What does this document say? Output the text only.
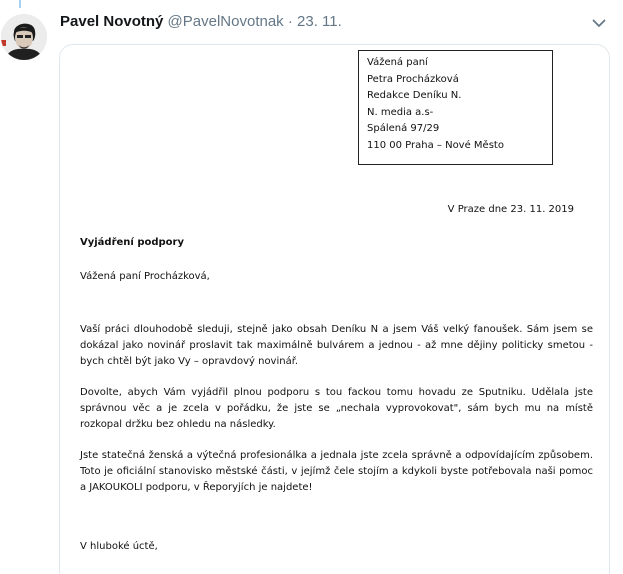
Pavel Novotný @PavelNovotnak · 23. 11.
Vážená paní
Petra Procházková
Redakce Deníku N.
N. media a.s-
Spálená 97/29
110 00 Praha – Nové Město
V Praze dne 23. 11. 2019
Vyjádření podpory
Vážená paní Procházková,
Vaší práci dlouhodobě sleduji, stejně jako obsah Deníku N a jsem Váš velký fanoušek. Sám jsem se dokázal jako novinář proslavit tak maximálně bulvárem a jednou - až mne dějiny politicky smetou - bych chtěl být jako Vy – opravdový novinář.
Dovolte, abych Vám vyjádřil plnou podporu s tou fackou tomu hovadu ze Sputniku. Udělala jste správnou věc a je zcela v pořádku, že jste se „nechala vyprovokovat", sám bych mu na místě rozkopal držku bez ohledu na následky.
Jste statečná ženská a výtečná profesionálka a jednala jste zcela správně a odpovídajícím způsobem. Toto je oficiální stanovisko městské části, v jejímž čele stojím a kdykoli byste potřebovala naši pomoc a JAKOUKOLI podporu, v Řeporyjích je najdete!
V hluboké úctě,
